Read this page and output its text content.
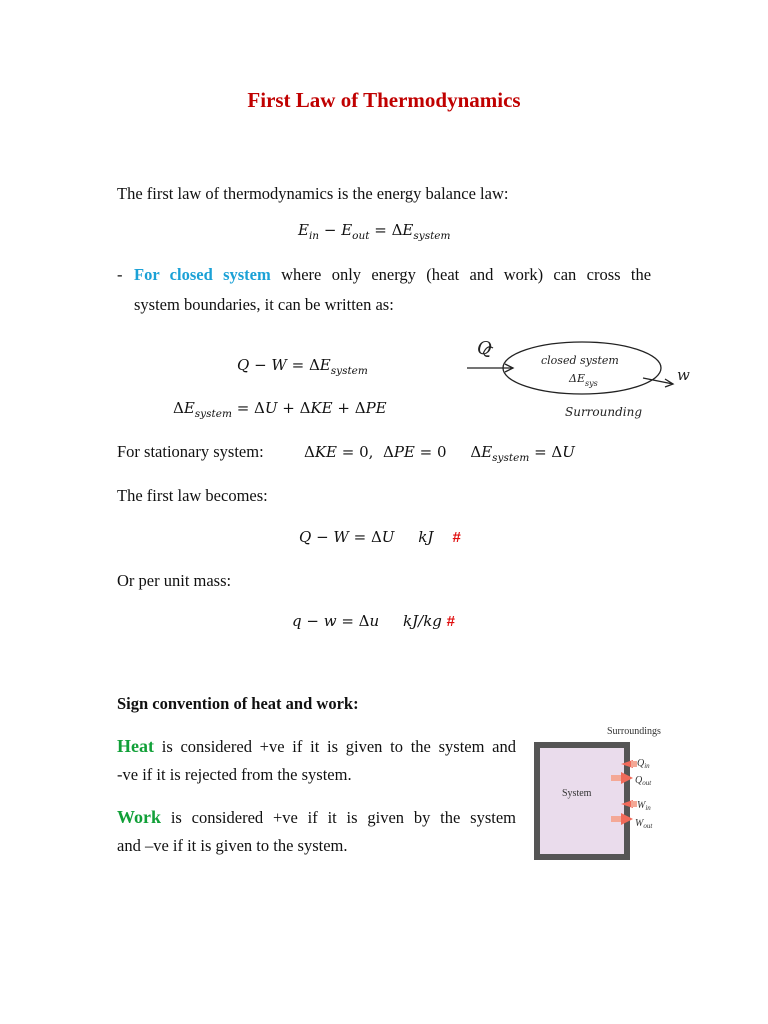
First Law of Thermodynamics
The first law of thermodynamics is the energy balance law:
$E_{in} - E_{out} = \Delta E_{system}$
- For closed system where only energy (heat and work) can cross the
system boundaries, it can be written as:
$Q - W = \Delta E_{system}$
$\Delta E_{system} = \Delta U + \Delta KE + \Delta PE$
Q
closed system
ΔE sys	w
Surrounding
For stationary system:	ΔKE = 0, ΔPE = 0 $\Delta E_{system} = \Delta U$
The first law becomes:
Q − W = ΔU     kJ #
Or per unit mass:
q − w = Δu     kJ/kg #
Sign convention of heat and work:
Heat is considered +ve if it is given to the system and
-ve if it is rejected from the system.
Work is considered +ve if it is given by the system
and –ve if it is given to the system.
Surroundings
System
$Q_{in}$
$Q_{out}$
$W_{in}$
$W_{out}$
